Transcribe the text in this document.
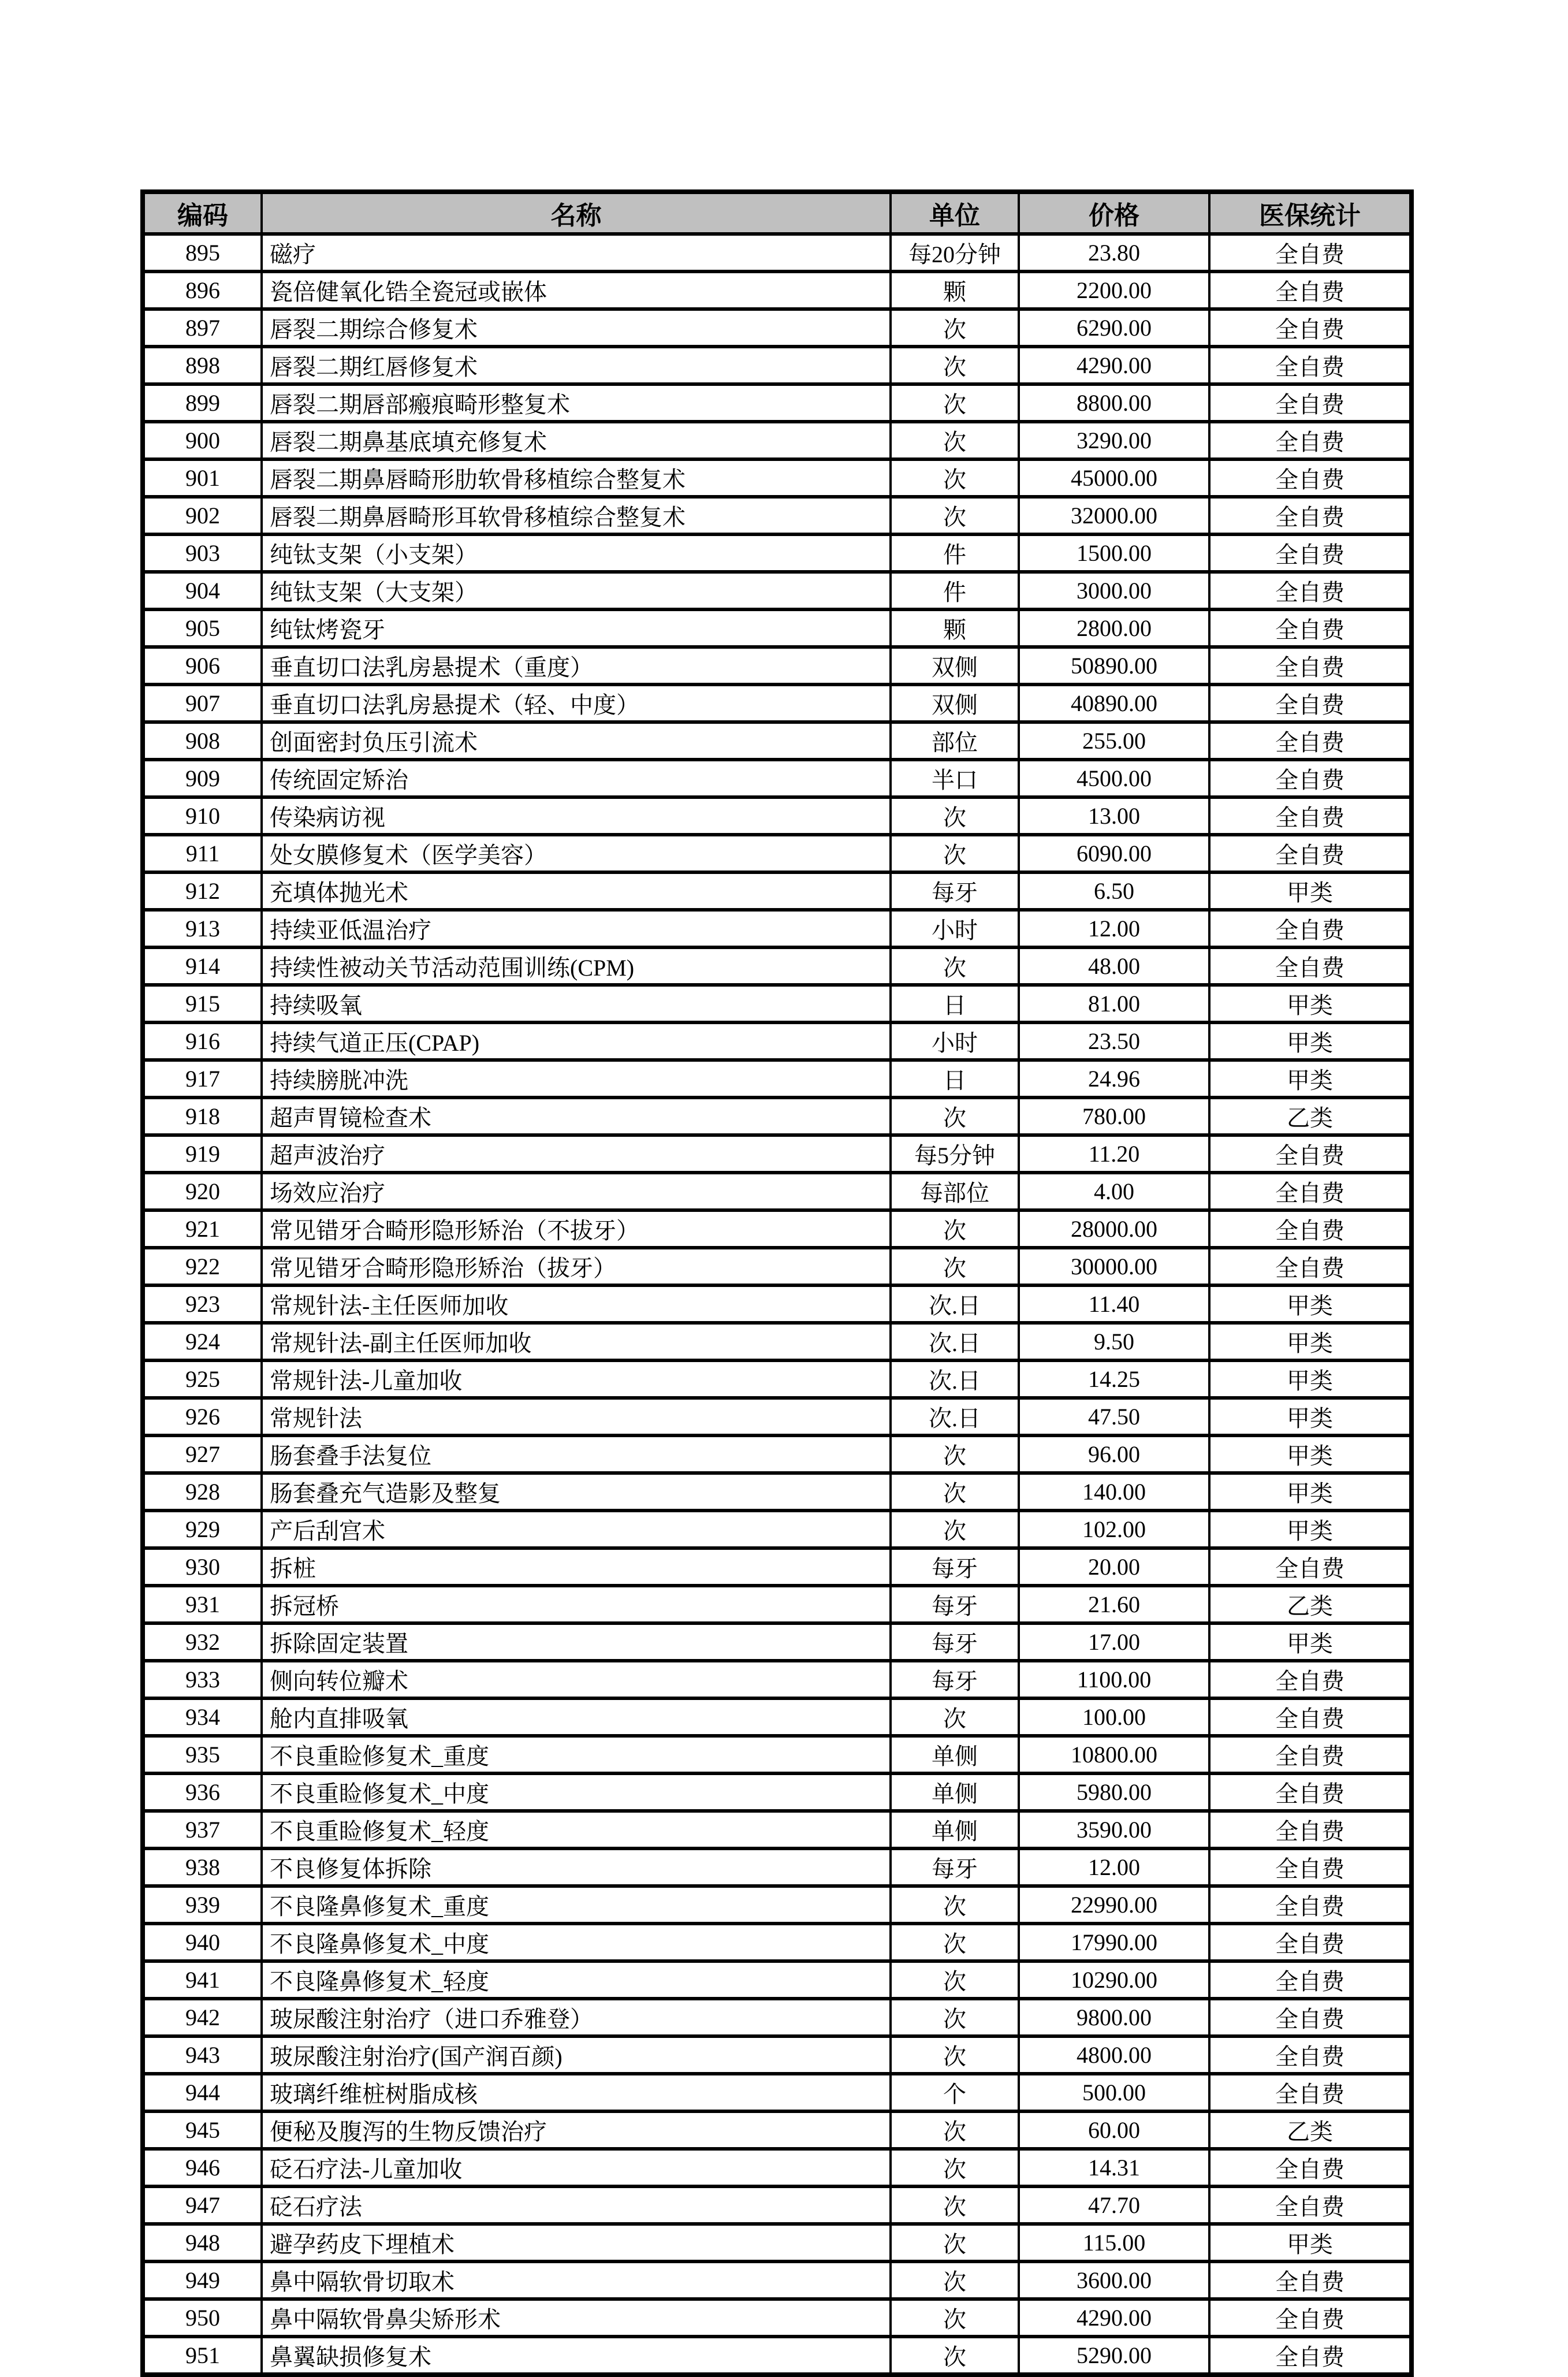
编码	名称	单位	价格	医保统计
895	磁疗	每20分钟	23.80	全自费
896	瓷倍健氧化锆全瓷冠或嵌体	颗	2200.00	全自费
897	唇裂二期综合修复术	次	6290.00	全自费
898	唇裂二期红唇修复术	次	4290.00	全自费
899	唇裂二期唇部瘢痕畸形整复术	次	8800.00	全自费
900	唇裂二期鼻基底填充修复术	次	3290.00	全自费
901	唇裂二期鼻唇畸形肋软骨移植综合整复术	次	45000.00	全自费
902	唇裂二期鼻唇畸形耳软骨移植综合整复术	次	32000.00	全自费
903	纯钛支架（小支架）	件	1500.00	全自费
904	纯钛支架（大支架）	件	3000.00	全自费
905	纯钛烤瓷牙	颗	2800.00	全自费
906	垂直切口法乳房悬提术（重度）	双侧	50890.00	全自费
907	垂直切口法乳房悬提术（轻、中度）	双侧	40890.00	全自费
908	创面密封负压引流术	部位	255.00	全自费
909	传统固定矫治	半口	4500.00	全自费
910	传染病访视	次	13.00	全自费
911	处女膜修复术（医学美容）	次	6090.00	全自费
912	充填体抛光术	每牙	6.50	甲类
913	持续亚低温治疗	小时	12.00	全自费
914	持续性被动关节活动范围训练(CPM)	次	48.00	全自费
915	持续吸氧	日	81.00	甲类
916	持续气道正压(CPAP)	小时	23.50	甲类
917	持续膀胱冲洗	日	24.96	甲类
918	超声胃镜检查术	次	780.00	乙类
919	超声波治疗	每5分钟	11.20	全自费
920	场效应治疗	每部位	4.00	全自费
921	常见错牙合畸形隐形矫治（不拔牙）	次	28000.00	全自费
922	常见错牙合畸形隐形矫治（拔牙）	次	30000.00	全自费
923	常规针法-主任医师加收	次.日	11.40	甲类
924	常规针法-副主任医师加收	次.日	9.50	甲类
925	常规针法-儿童加收	次.日	14.25	甲类
926	常规针法	次.日	47.50	甲类
927	肠套叠手法复位	次	96.00	甲类
928	肠套叠充气造影及整复	次	140.00	甲类
929	产后刮宫术	次	102.00	甲类
930	拆桩	每牙	20.00	全自费
931	拆冠桥	每牙	21.60	乙类
932	拆除固定装置	每牙	17.00	甲类
933	侧向转位瓣术	每牙	1100.00	全自费
934	舱内直排吸氧	次	100.00	全自费
935	不良重睑修复术_重度	单侧	10800.00	全自费
936	不良重睑修复术_中度	单侧	5980.00	全自费
937	不良重睑修复术_轻度	单侧	3590.00	全自费
938	不良修复体拆除	每牙	12.00	全自费
939	不良隆鼻修复术_重度	次	22990.00	全自费
940	不良隆鼻修复术_中度	次	17990.00	全自费
941	不良隆鼻修复术_轻度	次	10290.00	全自费
942	玻尿酸注射治疗（进口乔雅登）	次	9800.00	全自费
943	玻尿酸注射治疗(国产润百颜)	次	4800.00	全自费
944	玻璃纤维桩树脂成核	个	500.00	全自费
945	便秘及腹泻的生物反馈治疗	次	60.00	乙类
946	砭石疗法-儿童加收	次	14.31	全自费
947	砭石疗法	次	47.70	全自费
948	避孕药皮下埋植术	次	115.00	甲类
949	鼻中隔软骨切取术	次	3600.00	全自费
950	鼻中隔软骨鼻尖矫形术	次	4290.00	全自费
951	鼻翼缺损修复术	次	5290.00	全自费
